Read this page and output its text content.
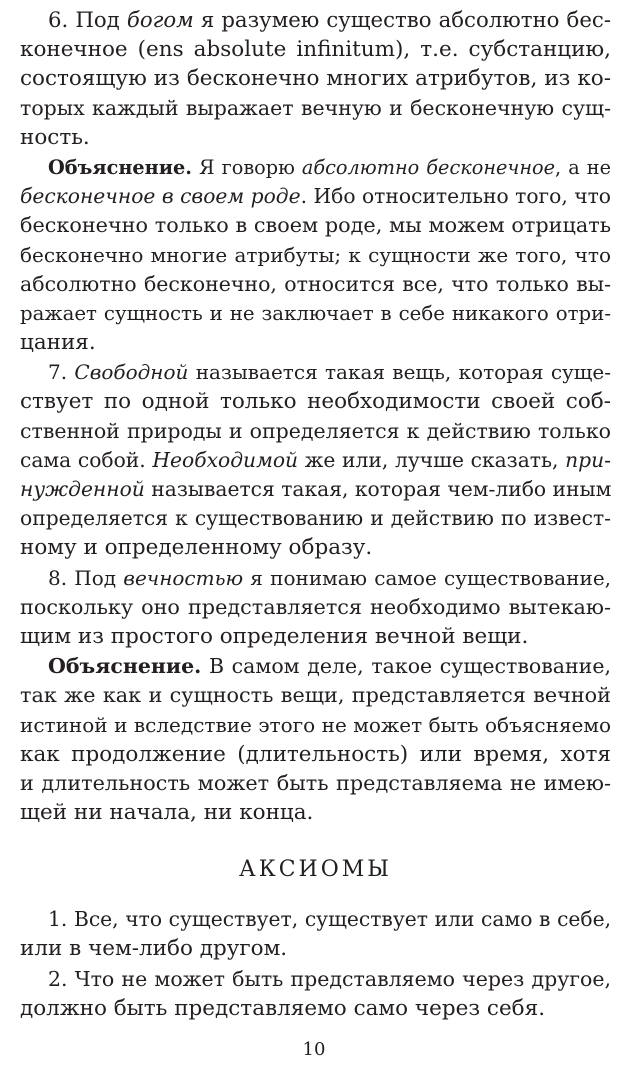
6. Под богом я разумею существо абсолютно бес-
конечное (ens absolute infinitum), т.е. субстанцию,
состоящую из бесконечно многих атрибутов, из ко-
торых каждый выражает вечную и бесконечную сущ-
ность.
Объяснение. Я говорю абсолютно бесконечное, а не
бесконечное в своем роде. Ибо относительно того, что
бесконечно только в своем роде, мы можем отрицать
бесконечно многие атрибуты; к сущности же того, что
абсолютно бесконечно, относится все, что только вы-
ражает сущность и не заключает в себе никакого отри-
цания.
7. Свободной называется такая вещь, которая суще-
ствует по одной только необходимости своей соб-
ственной природы и определяется к действию только
сама собой. Необходимой же или, лучше сказать, при-
нужденной называется такая, которая чем-либо иным
определяется к существованию и действию по извест-
ному и определенному образу.
8. Под вечностью я понимаю самое существование,
поскольку оно представляется необходимо вытекаю-
щим из простого определения вечной вещи.
Объяснение. В самом деле, такое существование,
так же как и сущность вещи, представляется вечной
истиной и вследствие этого не может быть объясняемо
как продолжение (длительность) или время, хотя
и длительность может быть представляема не имею-
щей ни начала, ни конца.
АКСИОМЫ
1. Все, что существует, существует или само в себе,
или в чем-либо другом.
2. Что не может быть представляемо через другое,
должно быть представляемо само через себя.
10
